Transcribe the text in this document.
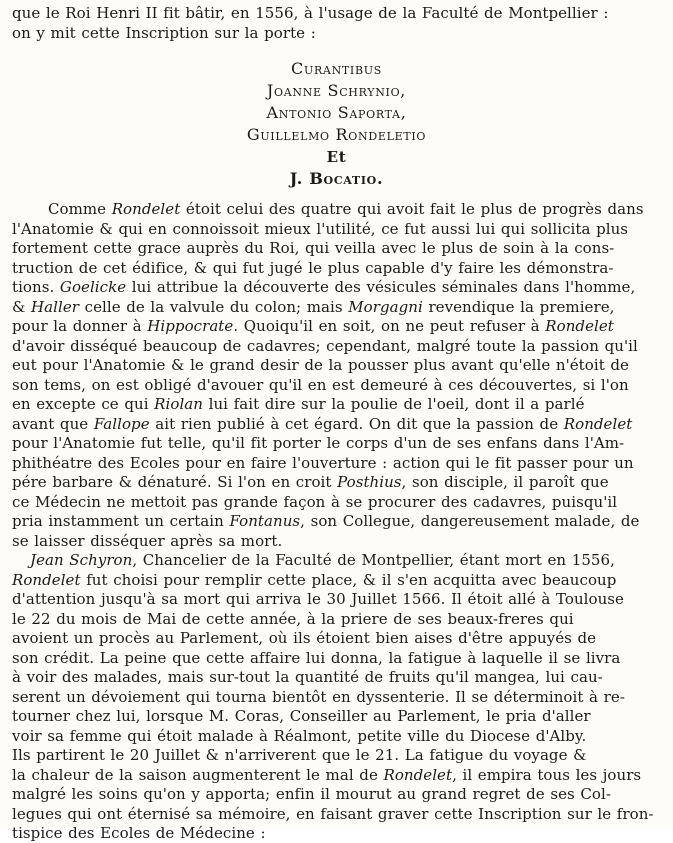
que le Roi Henri II fit bâtir, en 1556, à l'usage de la Faculté de Montpellier :
on y mit cette Inscription sur la porte :
Curantibus
Joanne Schrynio,
Antonio Saporta,
Guillelmo Rondeletio
Et
J. Bocatio.
Comme Rondelet étoit celui des quatre qui avoit fait le plus de progrès dans
l'Anatomie & qui en connoissoit mieux l'utilité, ce fut aussi lui qui sollicita plus
fortement cette grace auprès du Roi, qui veilla avec le plus de soin à la cons-
truction de cet édifice, & qui fut jugé le plus capable d'y faire les démonstra-
tions. Goelicke lui attribue la découverte des vésicules séminales dans l'homme,
& Haller celle de la valvule du colon; mais Morgagni revendique la premiere,
pour la donner à Hippocrate. Quoiqu'il en soit, on ne peut refuser à Rondelet
d'avoir disséqué beaucoup de cadavres; cependant, malgré toute la passion qu'il
eut pour l'Anatomie & le grand desir de la pousser plus avant qu'elle n'étoit de
son tems, on est obligé d'avouer qu'il en est demeuré à ces découvertes, si l'on
en excepte ce qui Riolan lui fait dire sur la poulie de l'oeil, dont il a parlé
avant que Fallope ait rien publié à cet égard. On dit que la passion de Rondelet
pour l'Anatomie fut telle, qu'il fit porter le corps d'un de ses enfans dans l'Am-
phithéatre des Ecoles pour en faire l'ouverture : action qui le fit passer pour un
pére barbare & dénaturé. Si l'on en croit Posthius, son disciple, il paroît que
ce Médecin ne mettoit pas grande façon à se procurer des cadavres, puisqu'il
pria instamment un certain Fontanus, son Collegue, dangereusement malade, de
se laisser disséquer après sa mort.
Jean Schyron, Chancelier de la Faculté de Montpellier, étant mort en 1556,
Rondelet fut choisi pour remplir cette place, & il s'en acquitta avec beaucoup
d'attention jusqu'à sa mort qui arriva le 30 Juillet 1566. Il étoit allé à Toulouse
le 22 du mois de Mai de cette année, à la priere de ses beaux-freres qui
avoient un procès au Parlement, où ils étoient bien aises d'être appuyés de
son crédit. La peine que cette affaire lui donna, la fatigue à laquelle il se livra
à voir des malades, mais sur-tout la quantité de fruits qu'il mangea, lui cau-
serent un dévoiement qui tourna bientôt en dyssenterie. Il se déterminoit à re-
tourner chez lui, lorsque M. Coras, Conseiller au Parlement, le pria d'aller
voir sa femme qui étoit malade à Réalmont, petite ville du Diocese d'Alby.
Ils partirent le 20 Juillet & n'arriverent que le 21. La fatigue du voyage &
la chaleur de la saison augmenterent le mal de Rondelet, il empira tous les jours
malgré les soins qu'on y apporta; enfin il mourut au grand regret de ses Col-
legues qui ont éternisé sa mémoire, en faisant graver cette Inscription sur le fron-
tispice des Ecoles de Médecine :
